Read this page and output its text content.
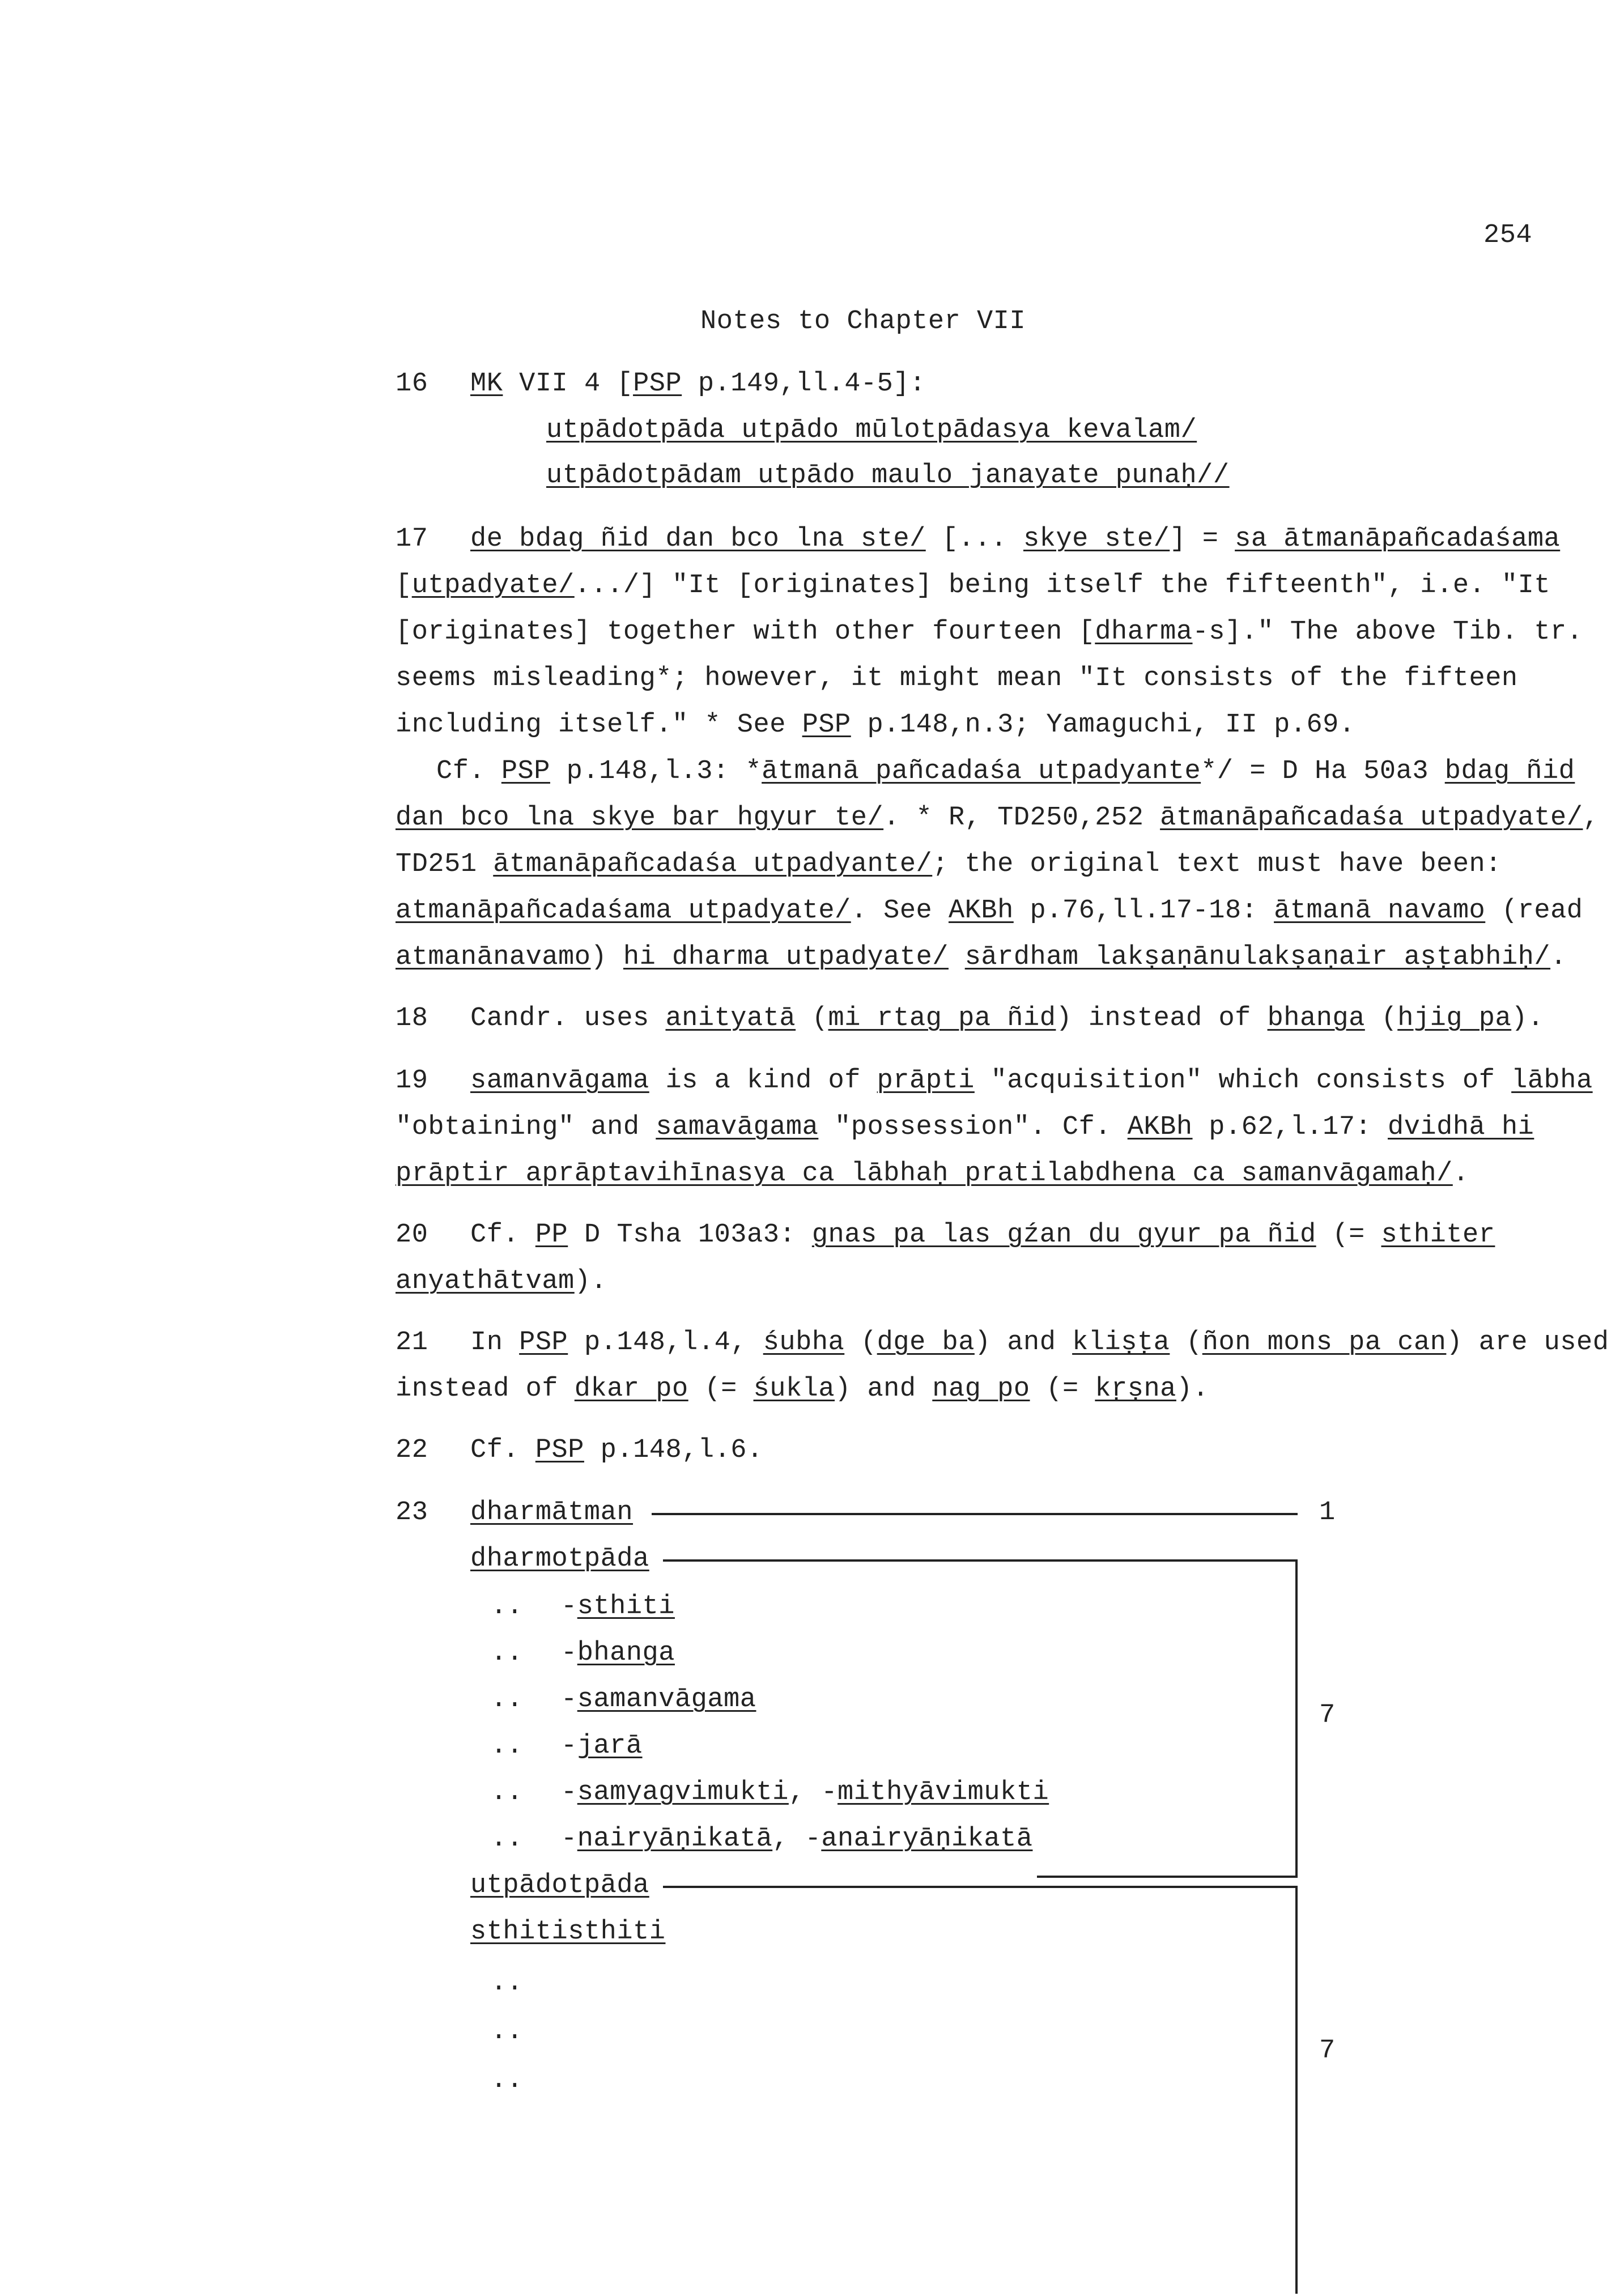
254
Notes to Chapter VII
16 MK VII 4 [PSP p.149,ll.4-5]:
utpādotpāda utpādo mūlotpādasya kevalam/
utpādotpādam utpādo maulo janayate punaḥ//
17 de bdag ñid dan bco lna ste/ [... skye ste/] = sa ātmanāpañcadaśama
[utpadyate/.../] "It [originates] being itself the fifteenth", i.e. "It
[originates] together with other fourteen [dharma-s]." The above Tib. tr.
seems misleading*; however, it might mean "It consists of the fifteen
including itself." * See PSP p.148,n.3; Yamaguchi, II p.69.
Cf. PSP p.148,l.3: *ātmanā pañcadaśa utpadyante*/ = D Ha 50a3 bdag ñid
dan bco lna skye bar hgyur te/. * R, TD250,252 ātmanāpañcadaśa utpadyate/,
TD251 ātmanāpañcadaśa utpadyante/; the original text must have been:
atmanāpañcadaśama utpadyate/. See AKBh p.76,ll.17-18: ātmanā navamo (read
atmanānavamo) hi dharma utpadyate/ sārdham lakṣaṇānulakṣaṇair aṣṭabhiḥ/.
18 Candr. uses anityatā (mi rtag pa ñid) instead of bhanga (hjig pa).
19 samanvāgama is a kind of prāpti "acquisition" which consists of lābha
"obtaining" and samavāgama "possession". Cf. AKBh p.62,l.17: dvidhā hi
prāptir aprāptavihīnasya ca lābhaḥ pratilabdhena ca samanvāgamaḥ/.
20 Cf. PP D Tsha 103a3: gnas pa las gźan du gyur pa ñid (= sthiter
anyathātvam).
21 In PSP p.148,l.4, śubha (dge ba) and kliṣṭa (ñon mons pa can) are used
instead of dkar po (= śukla) and nag po (= kṛṣna).
22 Cf. PSP p.148,l.6.
23 dharmātman	1
dharmotpāda
7
.. -sthiti
.. -bhanga
.. -samanvāgama
.. -jarā
.. -samyagvimukti, -mithyāvimukti
.. -nairyāṇikatā, -anairyāṇikatā
utpādotpāda
7
sthitisthiti
..
..
..
